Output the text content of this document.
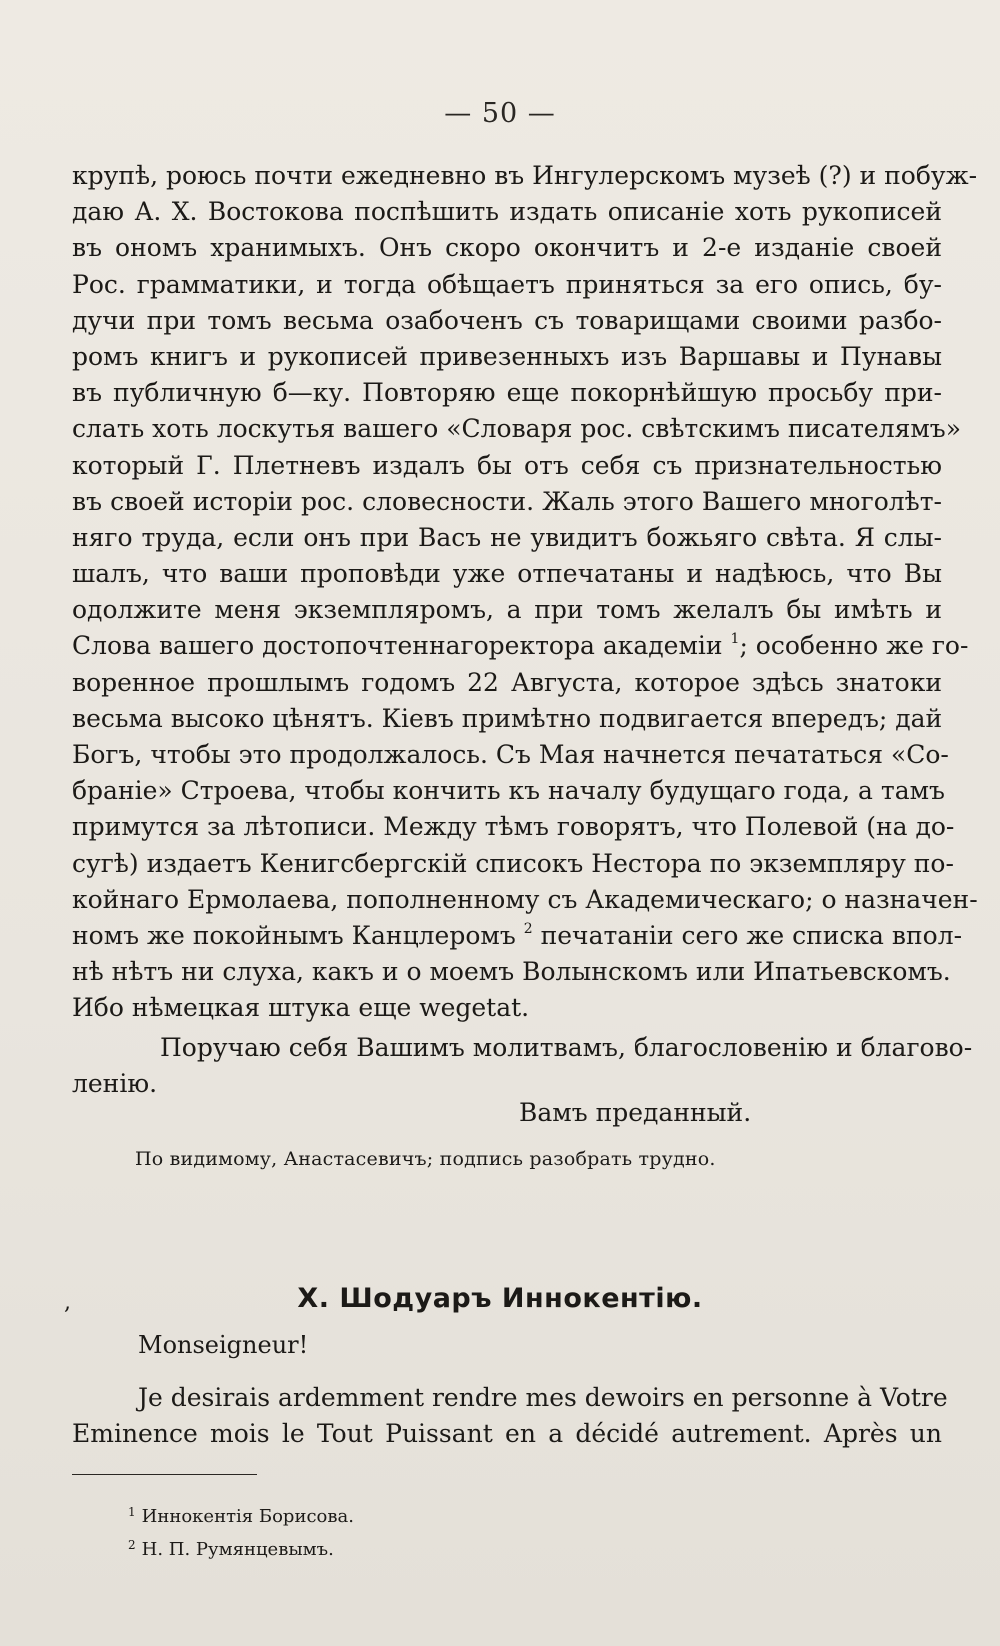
— 50 —
крупѣ, роюсь почти ежедневно въ Ингулерскомъ музеѣ (?) и побуж-
даю А. Х. Востокова поспѣшить издать описаніе хоть рукописей
въ ономъ хранимыхъ. Онъ скоро окончитъ и 2-е изданіе своей
Рос. грамматики, и тогда обѣщаетъ приняться за его опись, бу-
дучи при томъ весьма озабоченъ съ товарищами своими разбо-
ромъ книгъ и рукописей привезенныхъ изъ Варшавы и Пунавы
въ публичную б—ку. Повторяю еще покорнѣйшую просьбу при-
слать хоть лоскутья вашего «Словаря рос. свѣтскимъ писателямъ»
который Г. Плетневъ издалъ бы отъ себя съ признательностью
въ своей исторіи рос. словесности. Жаль этого Вашего многолѣт-
няго труда, если онъ при Васъ не увидитъ божьяго свѣта. Я слы-
шалъ, что ваши проповѣди уже отпечатаны и надѣюсь, что Вы
одолжите меня экземпляромъ, а при томъ желалъ бы имѣть и
Слова вашего достопочтеннагоректора академіи $^1$; особенно же го-
воренное прошлымъ годомъ 22 Августа, которое здѣсь знатоки
весьма высоко цѣнятъ. Кіевъ примѣтно подвигается впередъ; дай
Богъ, чтобы это продолжалось. Съ Мая начнется печататься «Со-
браніе» Строева, чтобы кончить къ началу будущаго года, а тамъ
примутся за лѣтописи. Между тѣмъ говорятъ, что Полевой (на до-
сугѣ) издаетъ Кенигсбергскій списокъ Нестора по экземпляру по-
койнаго Ермолаева, пополненному съ Академическаго; о назначен-
номъ же покойнымъ Канцлеромъ $^2$ печатаніи сего же списка впол-
нѣ нѣтъ ни слуха, какъ и о моемъ Волынскомъ или Ипатьевскомъ.
Ибо нѣмецкая штука еще wegetat.
Поручаю себя Вашимъ молитвамъ, благословенію и благово-
ленію.
Вамъ преданный.
По видимому, Анастасевичъ; подпись разобрать трудно.
,	X. Шодуаръ Иннокентію.
Monseigneur!
Je desirais ardemment rendre mes dewoirs en personne à Votre
Eminence mois le Tout Puissant en a décidé autrement. Après un
$^1$ Иннокентія Борисова.
$^2$ Н. П. Румянцевымъ.
